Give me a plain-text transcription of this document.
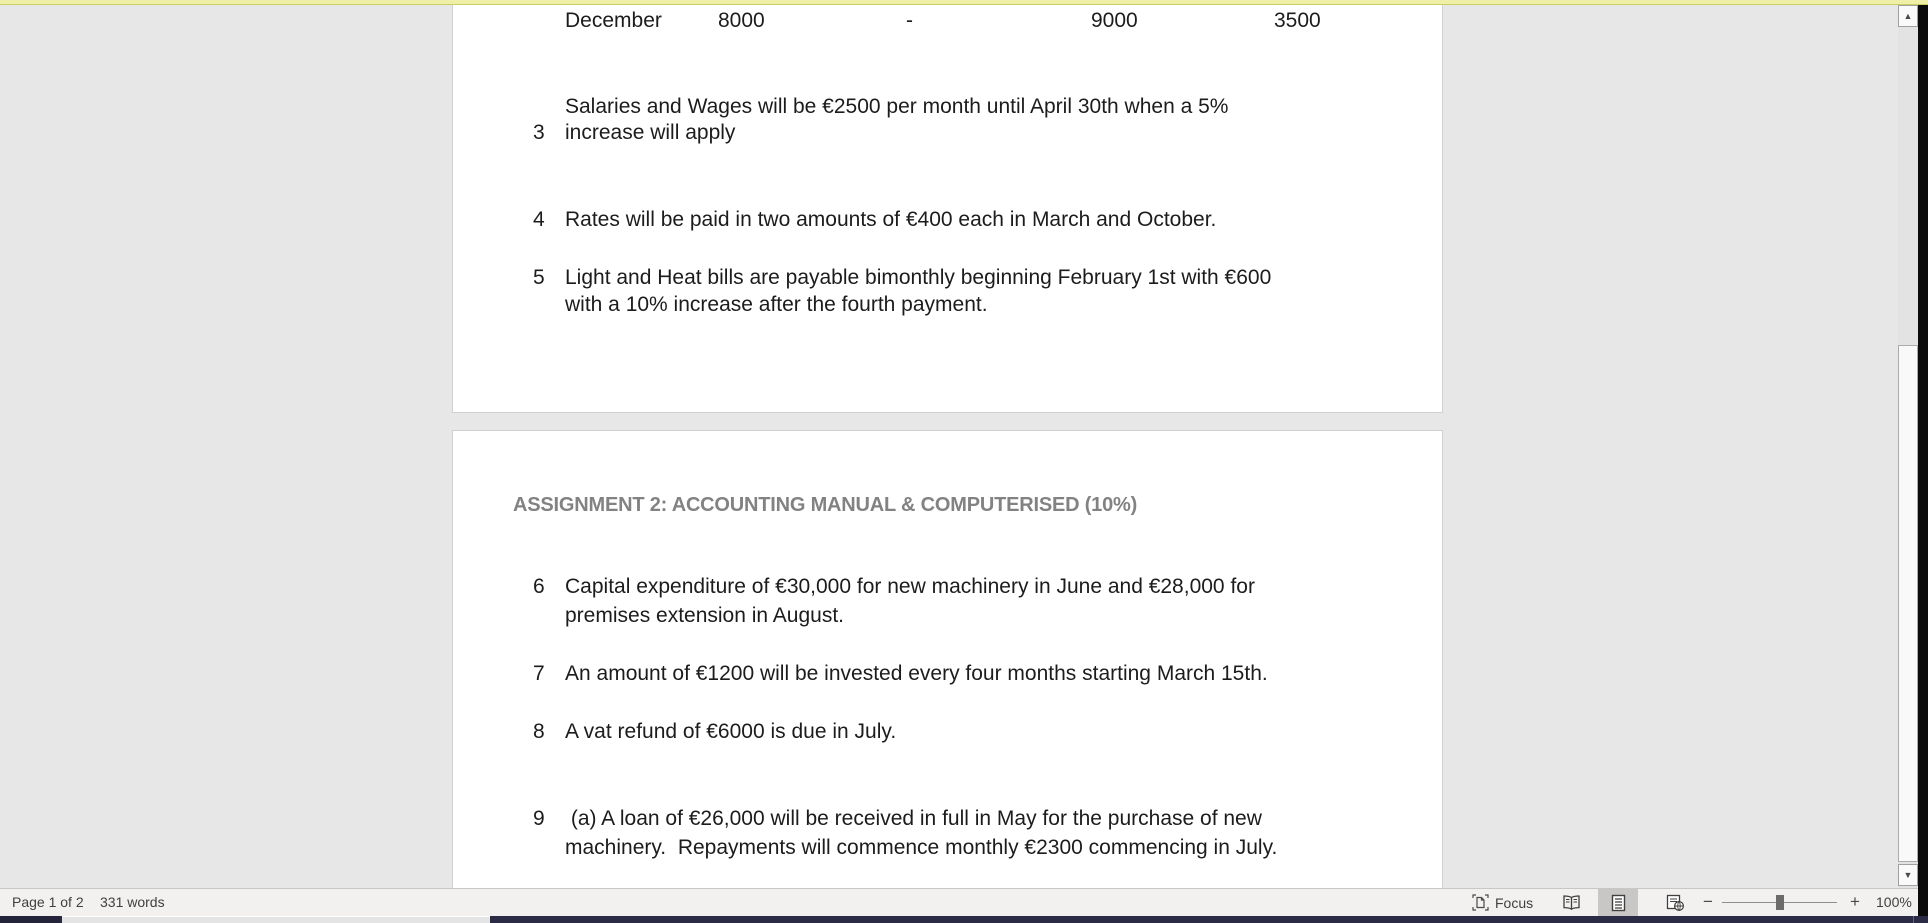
December	8000	-	9000	3500
ASSIGNMENT 2: ACCOUNTING MANUAL & COMPUTERISED (10%)
3
Salaries and Wages will be €2500 per month until April 30th when a 5%
increase will apply
4 Rates will be paid in two amounts of €400 each in March and October.
5 Light and Heat bills are payable bimonthly beginning February 1st with €600
with a 10% increase after the fourth payment.
6 Capital expenditure of €30,000 for new machinery in June and €28,000 for
premises extension in August.
7 An amount of €1200 will be invested every four months starting March 15th.
8 A vat refund of €6000 is due in July.
9 (a) A loan of €26,000 will be received in full in May for the purchase of new
machinery.  Repayments will commence monthly €2300 commencing in July.
▲
▼
Page 1 of 2 331 words	Focus	−	+	100%
